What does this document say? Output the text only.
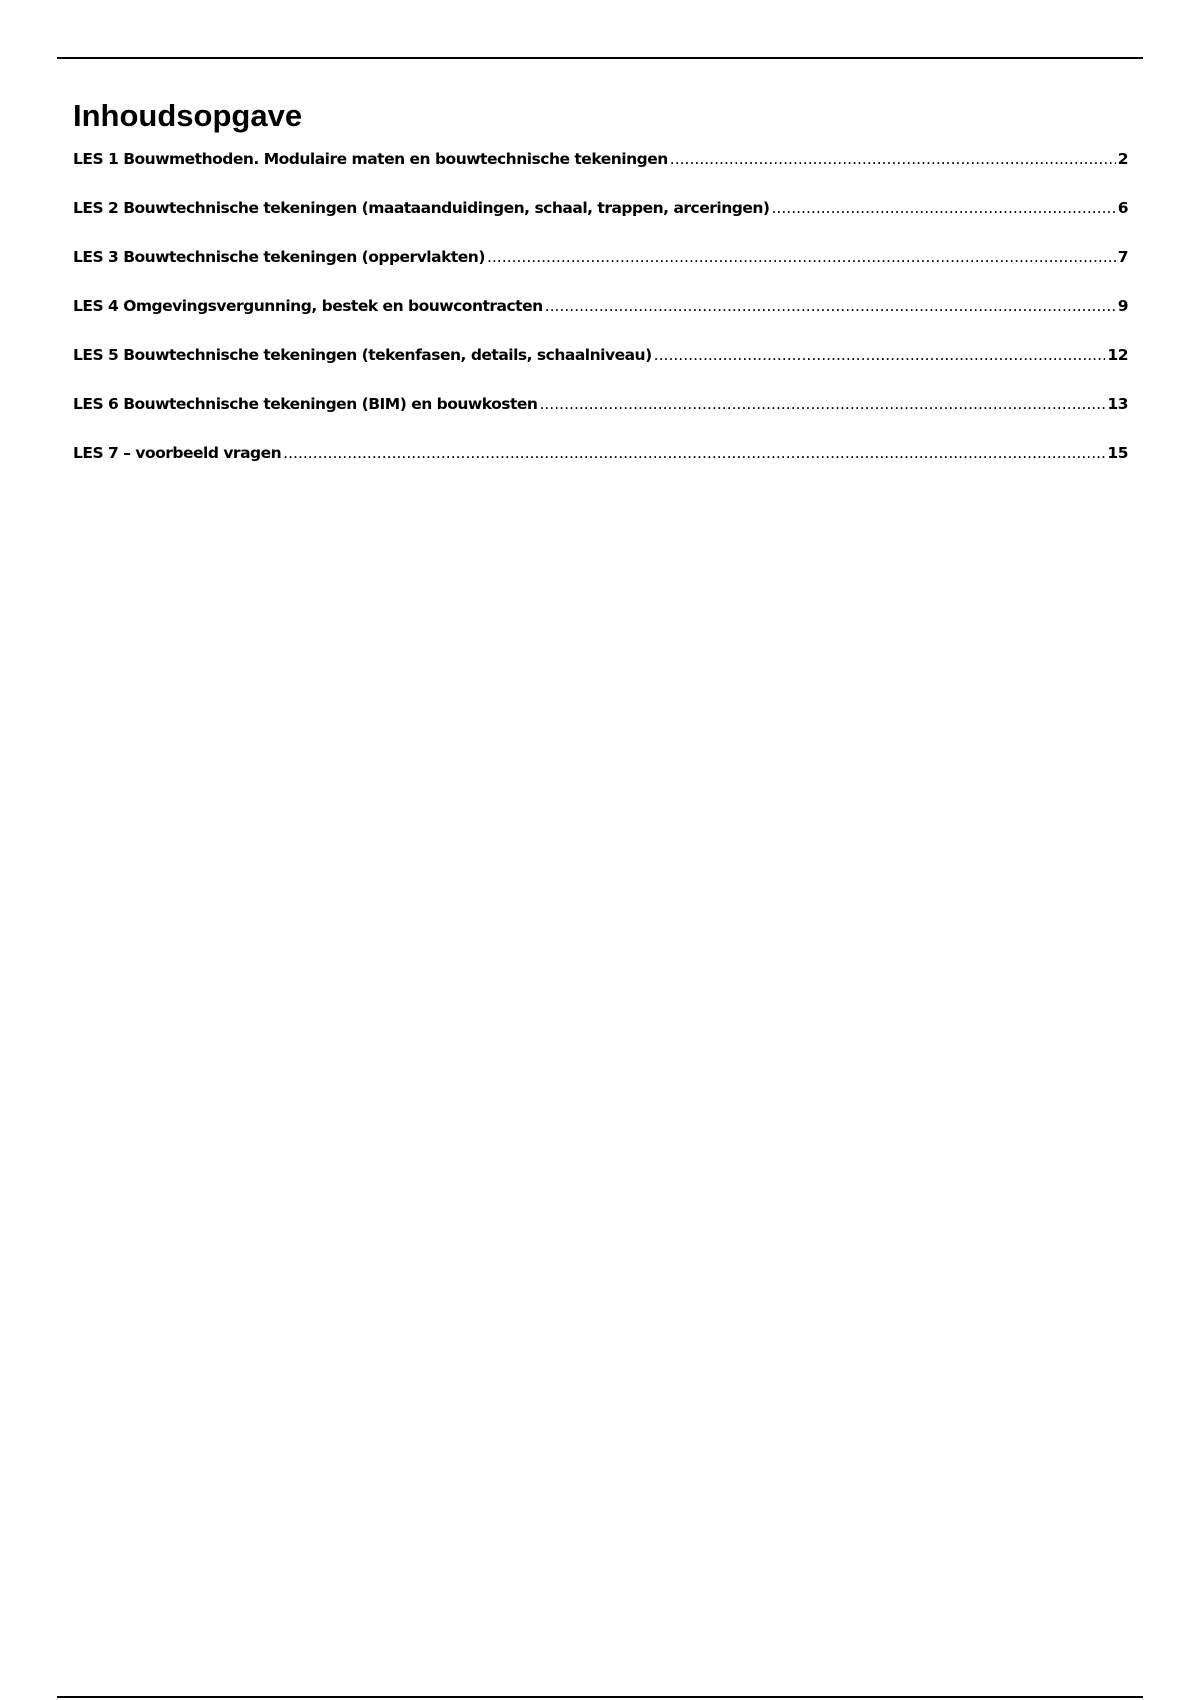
Inhoudsopgave
LES 1 Bouwmethoden. Modulaire maten en bouwtechnische tekeningen .....	2
LES 2 Bouwtechnische tekeningen (maataanduidingen, schaal, trappen, arceringen) .....	6
LES 3 Bouwtechnische tekeningen (oppervlakten) .....	7
LES 4 Omgevingsvergunning, bestek en bouwcontracten .....	9
LES 5 Bouwtechnische tekeningen (tekenfasen, details, schaalniveau) .....	12
LES 6 Bouwtechnische tekeningen (BIM) en bouwkosten .....	13
LES 7 – voorbeeld vragen .....	15
